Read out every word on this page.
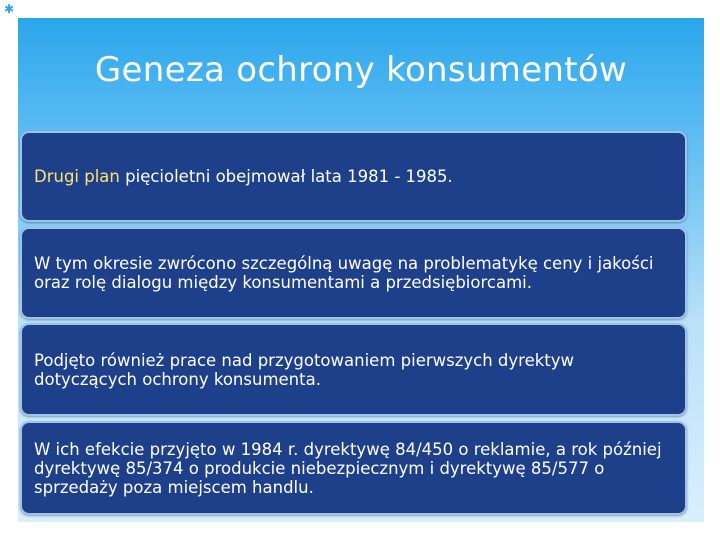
✱
Geneza ochrony konsumentów
Drugi plan pięcioletni obejmował lata 1981 - 1985.
W tym okresie zwrócono szczególną uwagę na problematykę ceny i jakości oraz rolę dialogu między konsumentami a przedsiębiorcami.
Podjęto również prace nad przygotowaniem pierwszych dyrektyw dotyczących ochrony konsumenta.
W ich efekcie przyjęto w 1984 r. dyrektywę 84/450 o reklamie, a rok później dyrektywę 85/374 o produkcie niebezpiecznym i dyrektywę 85/577 o sprzedaży poza miejscem handlu.
